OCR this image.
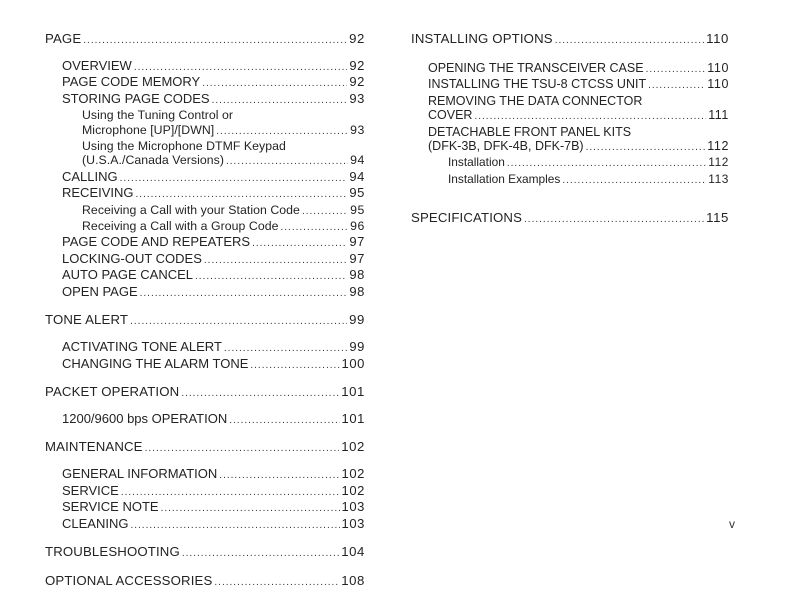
PAGE .....	92
OVERVIEW .....	92
PAGE CODE MEMORY .....	92
STORING PAGE CODES .....	93
Using the Tuning Control or
Microphone [UP]/[DWN] .....	93
Using the Microphone DTMF Keypad
(U.S.A./Canada Versions) .....	94
CALLING .....	94
RECEIVING .....	95
Receiving a Call with your Station Code .....	95
Receiving a Call with a Group Code .....	96
PAGE CODE AND REPEATERS .....	97
LOCKING-OUT CODES .....	97
AUTO PAGE CANCEL .....	98
OPEN PAGE .....	98
TONE ALERT .....	99
ACTIVATING TONE ALERT .....	99
CHANGING THE ALARM TONE .....	100
PACKET OPERATION .....	101
1200/9600 bps OPERATION .....	101
MAINTENANCE .....	102
GENERAL INFORMATION .....	102
SERVICE .....	102
SERVICE NOTE .....	103
CLEANING .....	103
TROUBLESHOOTING .....	104
OPTIONAL ACCESSORIES .....	108
INSTALLING OPTIONS .....	110
OPENING THE TRANSCEIVER CASE .....	110
INSTALLING THE TSU-8 CTCSS UNIT .....	110
REMOVING THE DATA CONNECTOR
COVER .....	111
DETACHABLE FRONT PANEL KITS
(DFK-3B, DFK-4B, DFK-7B) .....	112
Installation .....	112
Installation Examples .....	113
SPECIFICATIONS .....	115
v
